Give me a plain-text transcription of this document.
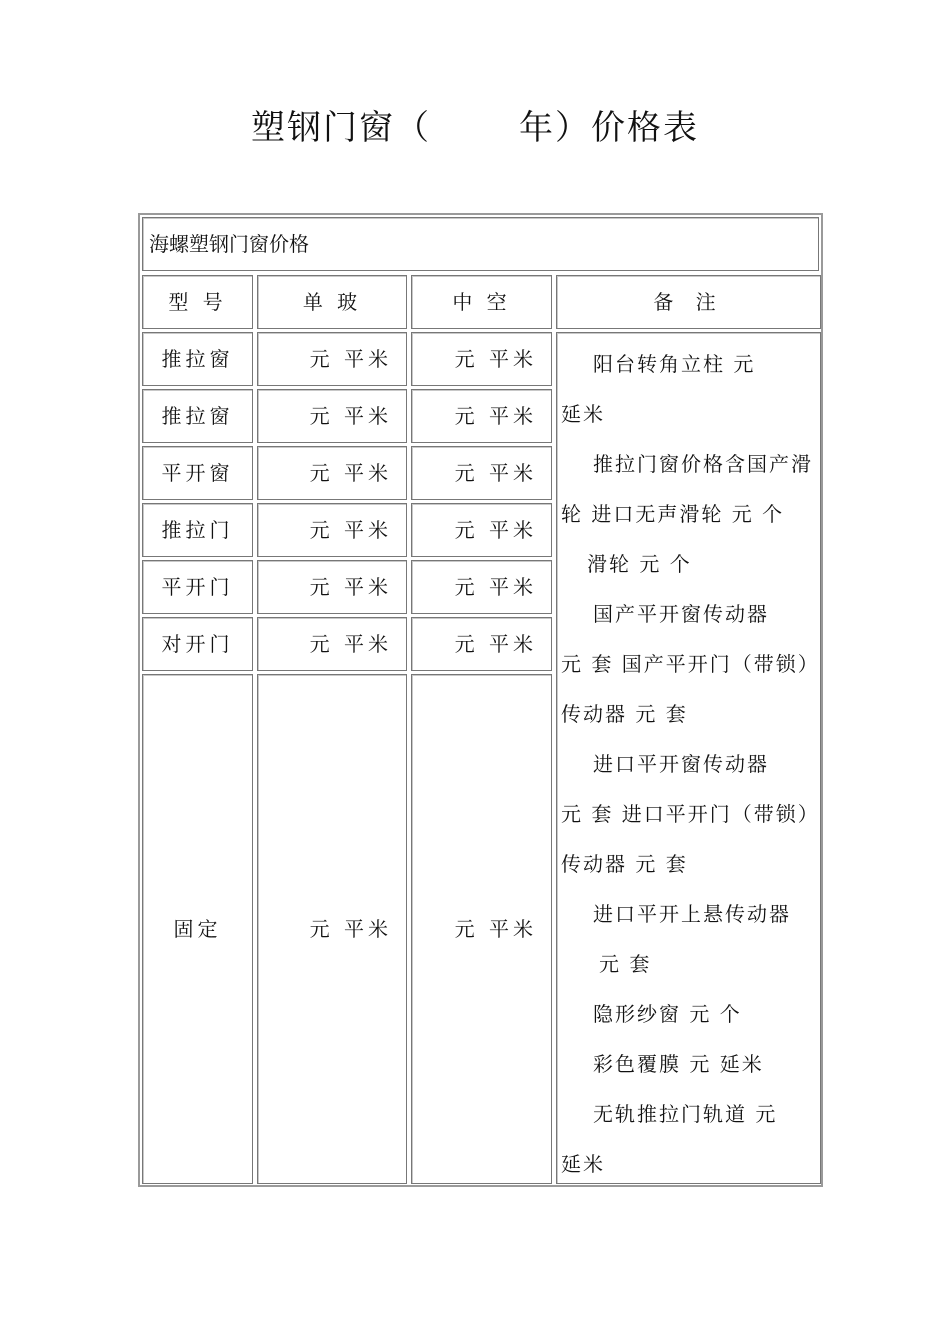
塑钢门窗（	年）价格表
海螺塑钢门窗价格
型 号	单 玻	中 空	备 注
推拉窗	元 平米	元 平米
推拉窗	元 平米	元 平米
平开窗	元 平米	元 平米
推拉门	元 平米	元 平米
平开门	元 平米	元 平米
对开门	元 平米	元 平米
固定	元 平米	元 平米
阳台转角立柱 元
延米
推拉门窗价格含国产滑
轮 进口无声滑轮 元 个
滑轮 元 个
国产平开窗传动器
元 套 国产平开门（带锁）
传动器 元 套
进口平开窗传动器
元 套 进口平开门（带锁）
传动器 元 套
进口平开上悬传动器
元 套
隐形纱窗 元 个
彩色覆膜 元 延米
无轨推拉门轨道 元
延米
